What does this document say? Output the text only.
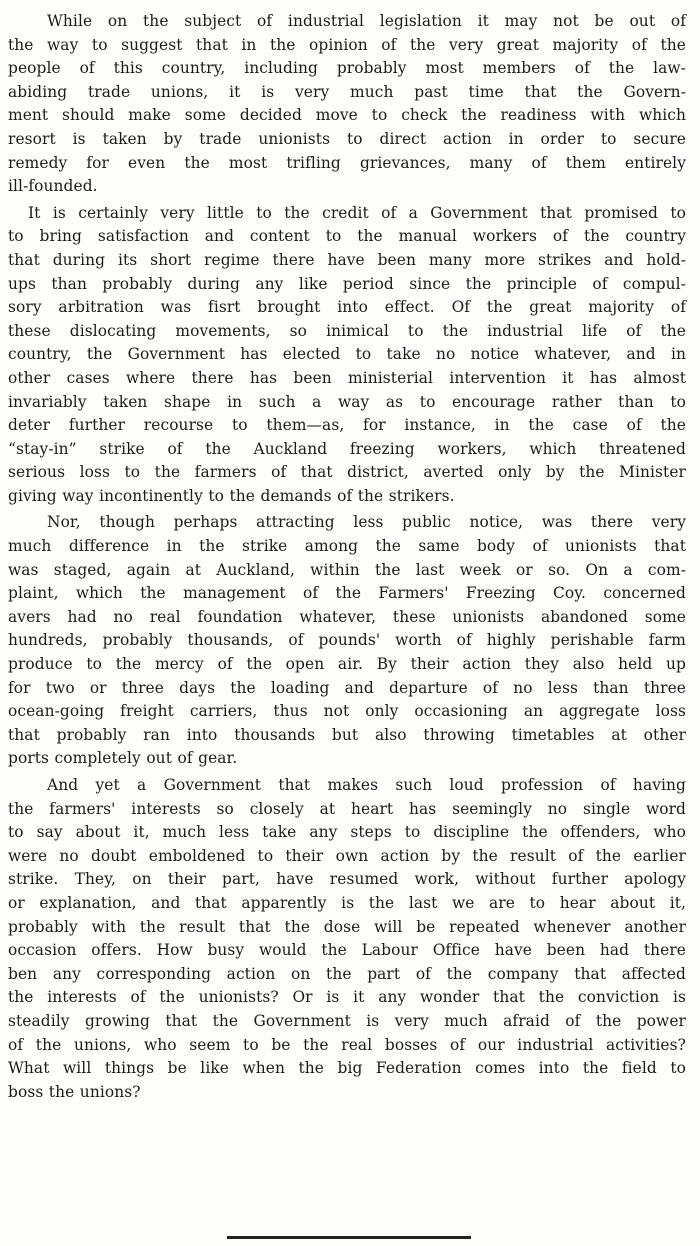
While on the subject of industrial legislation it may not be out of
the way to suggest that in the opinion of the very great majority of the
people of this country, including probably most members of the law-
abiding trade unions, it is very much past time that the Govern-
ment should make some decided move to check the readiness with which
resort is taken by trade unionists to direct action in order to secure
remedy for even the most trifling grievances, many of them entirely
ill-founded.
It is certainly very little to the credit of a Government that promised to
to bring satisfaction and content to the manual workers of the country
that during its short regime there have been many more strikes and hold-
ups than probably during any like period since the principle of compul-
sory arbitration was fisrt brought into effect. Of the great majority of
these dislocating movements, so inimical to the industrial life of the
country, the Government has elected to take no notice whatever, and in
other cases where there has been ministerial intervention it has almost
invariably taken shape in such a way as to encourage rather than to
deter further recourse to them—as, for instance, in the case of the
“stay-in” strike of the Auckland freezing workers, which threatened
serious loss to the farmers of that district, averted only by the Minister
giving way incontinently to the demands of the strikers.
Nor, though perhaps attracting less public notice, was there very
much difference in the strike among the same body of unionists that
was staged, again at Auckland, within the last week or so. On a com-
plaint, which the management of the Farmers' Freezing Coy. concerned
avers had no real foundation whatever, these unionists abandoned some
hundreds, probably thousands, of pounds' worth of highly perishable farm
produce to the mercy of the open air. By their action they also held up
for two or three days the loading and departure of no less than three
ocean-going freight carriers, thus not only occasioning an aggregate loss
that probably ran into thousands but also throwing timetables at other
ports completely out of gear.
And yet a Government that makes such loud profession of having
the farmers' interests so closely at heart has seemingly no single word
to say about it, much less take any steps to discipline the offenders, who
were no doubt emboldened to their own action by the result of the earlier
strike. They, on their part, have resumed work, without further apology
or explanation, and that apparently is the last we are to hear about it,
probably with the result that the dose will be repeated whenever another
occasion offers. How busy would the Labour Office have been had there
ben any corresponding action on the part of the company that affected
the interests of the unionists? Or is it any wonder that the conviction is
steadily growing that the Government is very much afraid of the power
of the unions, who seem to be the real bosses of our industrial activities?
What will things be like when the big Federation comes into the field to
boss the unions?
